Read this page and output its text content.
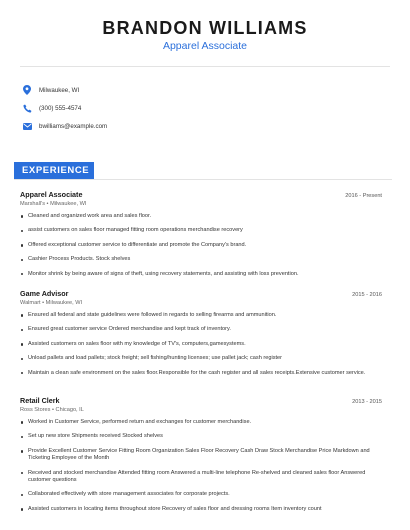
BRANDON WILLIAMS
Apparel Associate
Milwaukee, WI
(300) 555-4574
bwilliams@example.com
EXPERIENCE
Apparel Associate	2016 - Present
Marshall's • Milwaukee, WI
Cleaned and organized work area and sales floor.
assist customers on sales floor managed fitting room operations merchandise recovery
Offered exceptional customer service to differentiate and promote the Company's brand.
Cashier Process Products. Stock shelves
Monitor shrink by being aware of signs of theft, using recovery statements, and assisting with loss prevention.
Game Advisor	2015 - 2016
Walmart • Milwaukee, WI
Ensured all federal and state guidelines were followed in regards to selling firearms and ammunition.
Ensured great customer service Ordered merchandise and kept track of inventory.
Assisted customers on sales floor with my knowledge of TV's, computers,gamesystems.
Unload pallets and load pallets; stock freight; sell fishing/hunting licenses; use pallet jack; cash register
Maintain a clean safe environment on the sales floor.Responsible for the cash register and all sales receipts.Extensive customer service.
Retail Clerk	2013 - 2015
Ross Stores • Chicago, IL
Worked in Customer Service, performed return and exchanges for customer merchandise.
Set up new store Shipments received Stocked shelves
Provide Excellent Customer Service Fitting Room Organization Sales Floor Recovery Cash Draw Stock Merchandise Price Markdown and Ticketing Employee of the Month
Received and stocked merchandise Attended fitting room Answered a multi-line telephone Re-shelved and cleaned sales floor Answered customer questions
Collaborated effectively with store management associates for corporate projects.
Assisted customers in locating items throughout store Recovery of sales floor and dressing rooms Item inventory count
